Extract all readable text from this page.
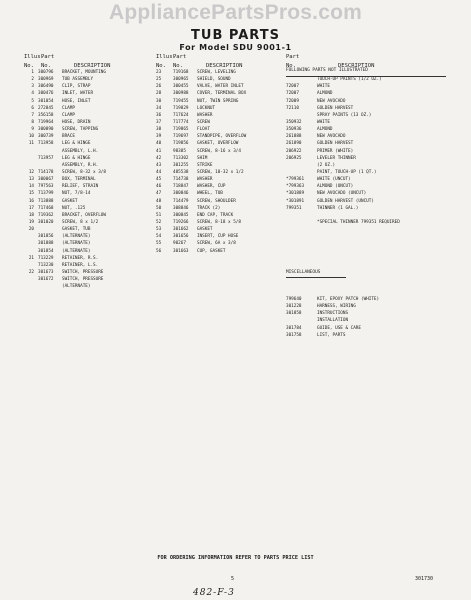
AppliancePartsPros.com
TUB PARTS
For Model SDU 9001-1
Illus.
Part
No. No.	DESCRIPTION
1 300796 BRACKET, MOUNTING
2 300969 TUB ASSEMBLY
3 306490 CLIP, STRAP
4 300476 INLET, WATER
5 301054 HOSE, INLET
6 272845 CLAMP
7 356158 CLAMP
8 719964 HOSE, DRAIN
9 300890 SCREW, TAPPING
10 300739 BRACE
11 713958 LEG & HINGE
ASSEMBLY, L.H.
713957 LEG & HINGE
ASSEMBLY, R.H.
12 714178 SCREW, 8-32 x 3/8
13 300067 BOX, TERMINAL
14 797563 RELIEF, STRAIN
15 713799 NUT, 7/8-14
16 713888 GASKET
17 717468 NUT, .125
18 719362 BRACKET, OVERFLOW
19 301020 SCREW, 8 x 1/2
20	GASKET, TUB
301856 (ALTERNATE)
301888 (ALTERNATE)
301854 (ALTERNATE)
21 713229 RETAINER, R.S.
713230 RETAINER, L.S.
22 301673 SWITCH, PRESSURE
301672 SWITCH, PRESSURE
(ALTERNATE)
Illus.
Part
No. No.	DESCRIPTION
23	719168 SCREW, LEVELING
25	300965 SHIELD, SOUND
26	300455 VALVE, WATER INLET
28	300988 COVER, TERMINAL BOX
30	719455 NUT, TWIN SPRING
34	719829 LOCKNUT
36	717624 WASHER
37	717774 SCREW
38	719865 FLOAT
39	719697 STANDPIPE, OVERFLOW
40	719856 GASKET, OVERFLOW
41	98385	SCREW, 8-16 x 3/4
42	713302 SHIM
43	301255 STRIKE
44	485538 SCREW, 10-32 x 1/2
45	714738 WASHER
46	718847 WASHER, CUP
47	300846 WHEEL, TUB
48	714479 SCREW, SHOULDER
50	308846 TRACK (2)
51	300845 END CAP, TRACK
52	719266 SCREW, 8-18 x 5/8
53	301662 GASKET
54	301656 INSERT, CUP HOSE
55	90267	SCREW, 6A x 3/8
56	301663 CUP, GASKET
Part
No.	DESCRIPTION
FOLLOWING PARTS NOT ILLUSTRATED
TOUCH-UP PAINTS (1/2 OZ.)
72007	WHITE
72007	ALMOND
72009	NEW AVOCADO
72110	GOLDEN HARVEST
SPRAY PAINTS (13 OZ.)
350932	WHITE
350936	ALMOND
261888	NEW AVOCADO
261890	GOLDEN HARVEST
206922	PRIMER (WHITE)
206925	LEVELER THINNER
(2 OZ.)
PAINT, TOUCH-UP (1 QT.)
*799361	WHITE (UNCUT)
*799363	ALMOND (UNCUT)
*301889	NEW AVOCADO (UNCUT)
*301891	GOLDEN HARVEST (UNCUT)
799351	THINNER (1 GAL.)
*SPECIAL THINNER 799351 REQUIRED
MISCELLANEOUS
799640	KIT, EPOXY PATCH (WHITE)
301228	HARNESS, WIRING
301858	INSTRUCTIONS
INSTALLATION
301784	GUIDE, USE & CARE
301758	LIST, PARTS
FOR ORDERING INFORMATION REFER TO PARTS PRICE LIST
5	301730
482-F-3
